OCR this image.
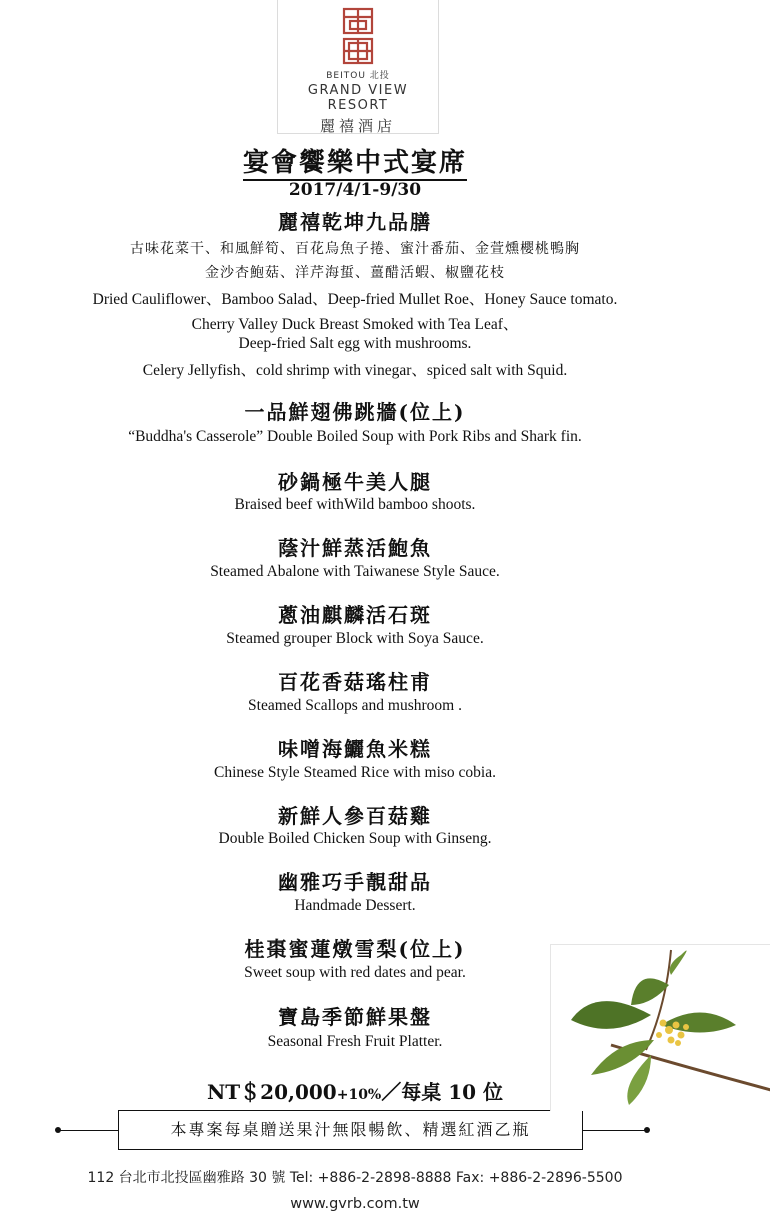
BEITOU 北投
GRAND VIEW RESORT
麗禧酒店
宴會饗樂中式宴席
2017/4/1-9/30
麗禧乾坤九品膳
古味花菜干、和風鮮筍、百花烏魚子捲、蜜汁番茄、金萱燻櫻桃鴨胸
金沙杏鮑菇、洋芹海蜇、薑醋活蝦、椒鹽花枝
Dried Cauliflower、Bamboo Salad、Deep-fried Mullet Roe、Honey Sauce tomato.
Cherry Valley Duck Breast Smoked with Tea Leaf、
Deep-fried Salt egg with mushrooms.
Celery Jellyfish、cold shrimp with vinegar、spiced salt with Squid.
一品鮮翅佛跳牆(位上)
“Buddha's Casserole” Double Boiled Soup with Pork Ribs and Shark fin.
砂鍋極牛美人腿
Braised beef withWild bamboo shoots.
蔭汁鮮蒸活鮑魚
Steamed Abalone with Taiwanese Style Sauce.
蔥油麒麟活石斑
Steamed grouper Block with Soya Sauce.
百花香菇瑤柱甫
Steamed Scallops and mushroom .
味噌海鱺魚米糕
Chinese Style Steamed Rice with miso cobia.
新鮮人參百菇雞
Double Boiled Chicken Soup with Ginseng.
幽雅巧手靚甜品
Handmade Dessert.
桂棗蜜蓮燉雪梨(位上)
Sweet soup with red dates and pear.
寶島季節鮮果盤
Seasonal Fresh Fruit Platter.
NT＄20,000+10%／每桌 10 位
本專案每桌贈送果汁無限暢飲、精選紅酒乙瓶
112 台北市北投區幽雅路 30 號 Tel: +886-2-2898-8888 Fax: +886-2-2896-5500
www.gvrb.com.tw
